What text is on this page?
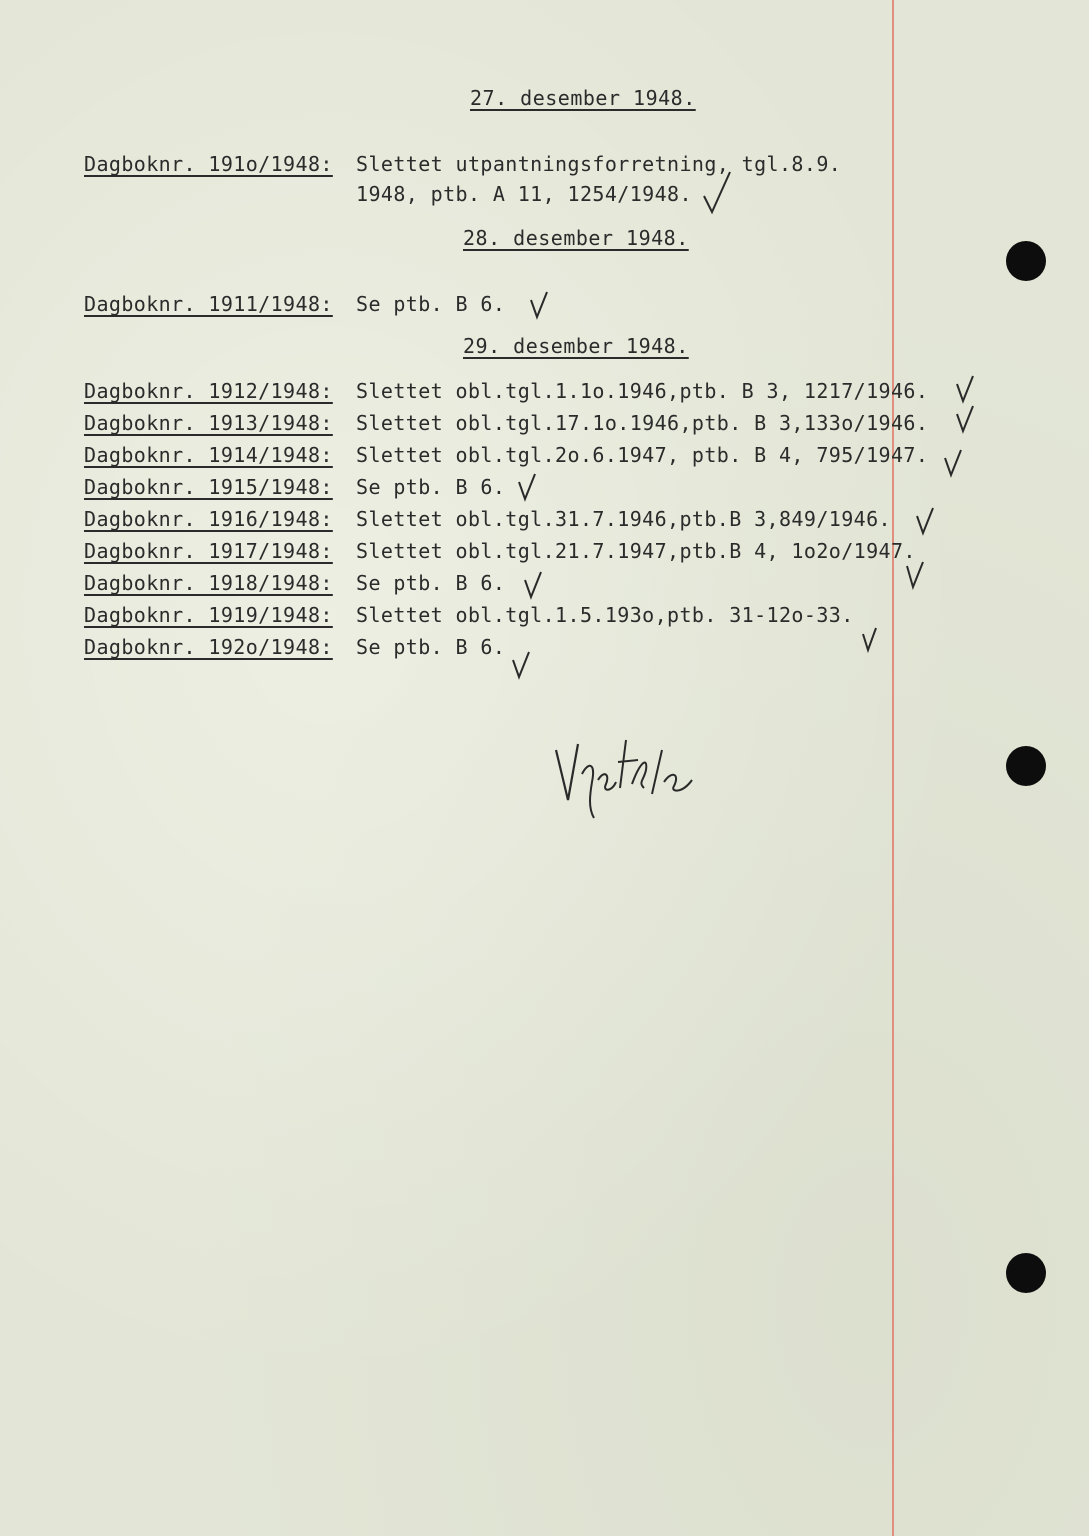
27. desember 1948.
Dagboknr. 191o/1948:	Slettet utpantningsforretning, tgl.8.9.
1948, ptb. A 11, 1254/1948.
28. desember 1948.
Dagboknr. 1911/1948:	Se ptb. B 6.
29. desember 1948.
Dagboknr. 1912/1948:	Slettet obl.tgl.1.1o.1946,ptb. B 3, 1217/1946.
Dagboknr. 1913/1948:	Slettet obl.tgl.17.1o.1946,ptb. B 3,133o/1946.
Dagboknr. 1914/1948:	Slettet obl.tgl.2o.6.1947, ptb. B 4, 795/1947.
Dagboknr. 1915/1948:	Se ptb. B 6.
Dagboknr. 1916/1948:	Slettet obl.tgl.31.7.1946,ptb.B 3,849/1946.
Dagboknr. 1917/1948:	Slettet obl.tgl.21.7.1947,ptb.B 4, 1o2o/1947.
Dagboknr. 1918/1948:	Se ptb. B 6.
Dagboknr. 1919/1948:	Slettet obl.tgl.1.5.193o,ptb. 31-12o-33.
Dagboknr. 192o/1948:	Se ptb. B 6.
